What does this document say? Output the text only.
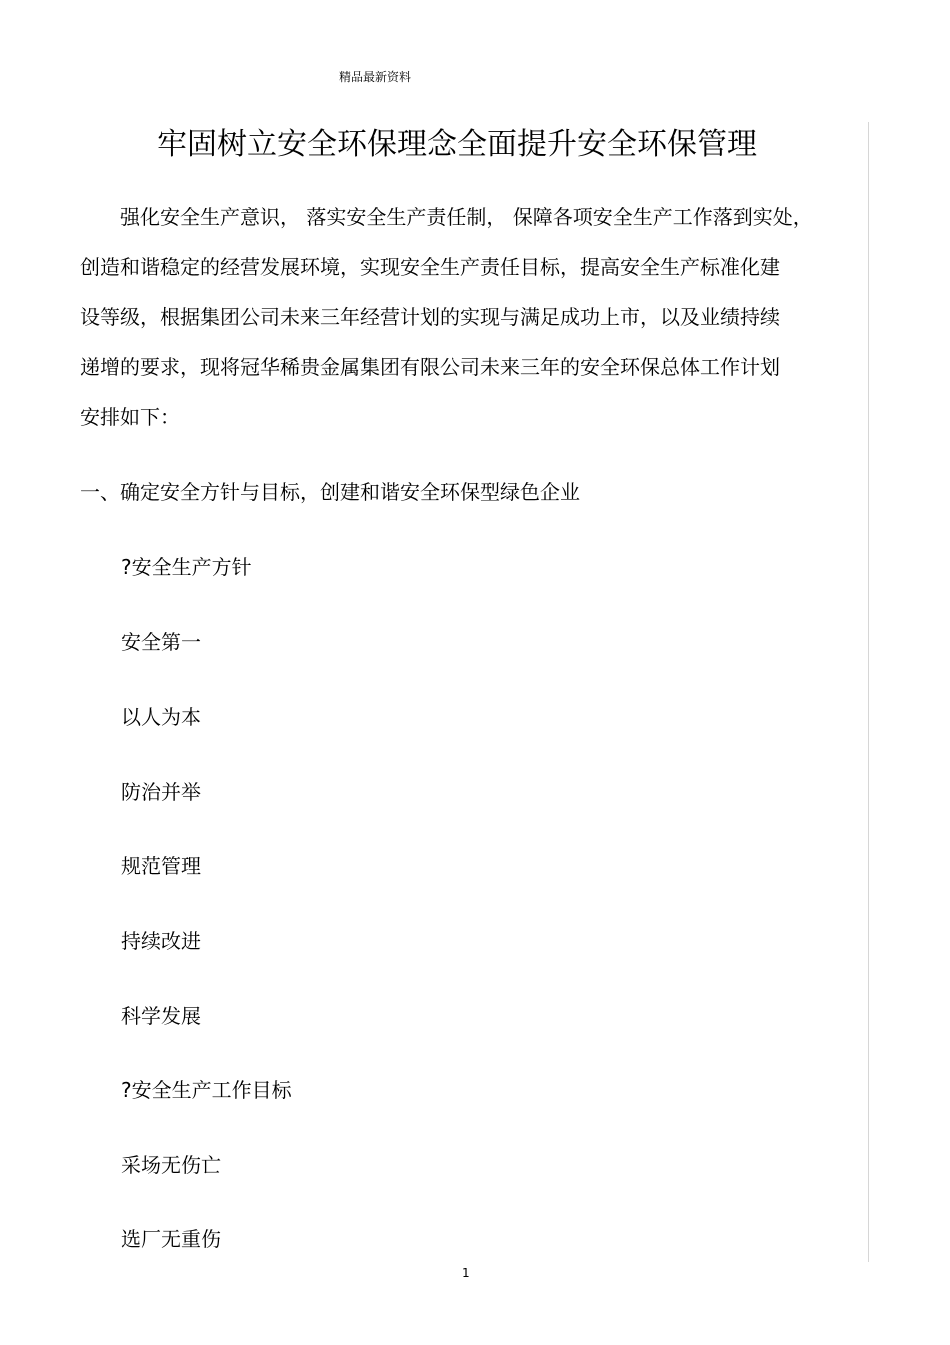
精品最新资料
牢固树立安全环保理念全面提升安全环保管理
强化安全生产意识， 落实安全生产责任制， 保障各项安全生产工作落到实处，
创造和谐稳定的经营发展环境，实现安全生产责任目标，提高安全生产标准化建
设等级，根据集团公司未来三年经营计划的实现与满足成功上市，以及业绩持续
递增的要求，现将冠华稀贵金属集团有限公司未来三年的安全环保总体工作计划
安排如下：
一、确定安全方针与目标，创建和谐安全环保型绿色企业
?安全生产方针
安全第一
以人为本
防治并举
规范管理
持续改进
科学发展
?安全生产工作目标
采场无伤亡
选厂无重伤
1
